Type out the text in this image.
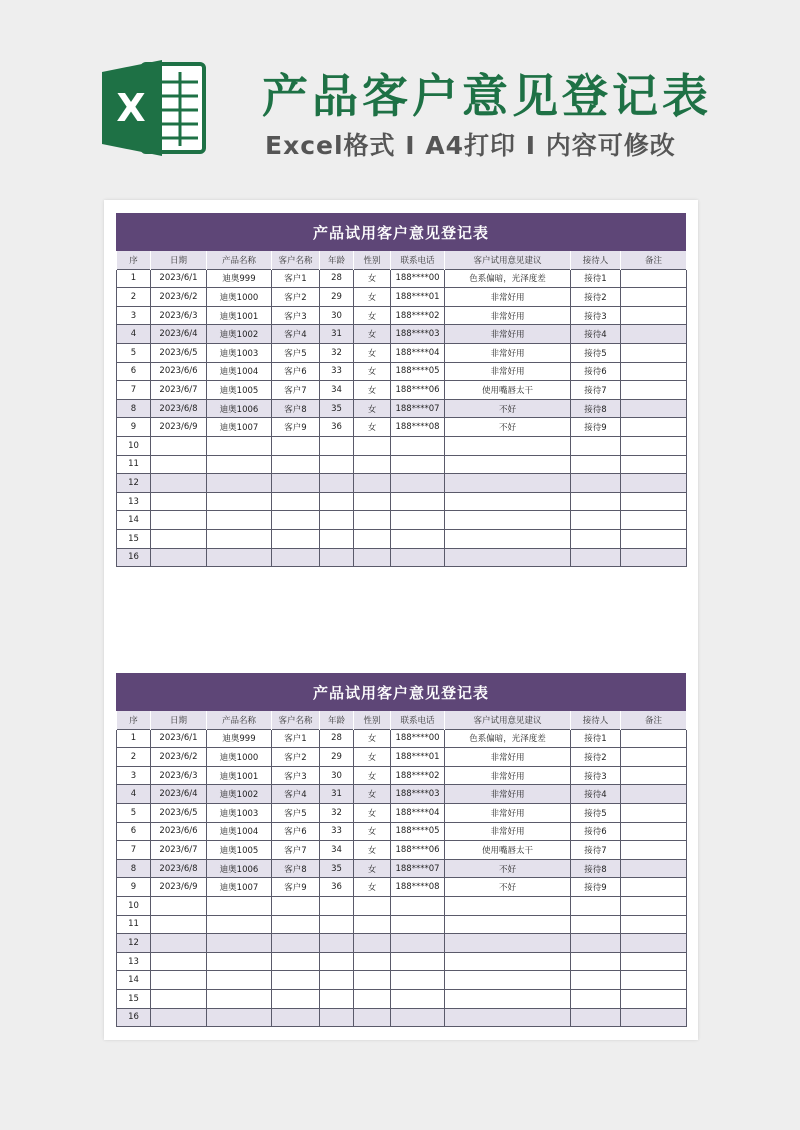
X	产品客户意见登记表
Excel格式 I A4打印 I 内容可修改
产品试用客户意见登记表
序	日期	产品名称	客户名称	年龄	性别	联系电话	客户试用意见建议	接待人	备注
1	2023/6/1	迪奥999	客户1	28	女	188****00	色系偏暗，光泽度差	接待1	
2	2023/6/2	迪奥1000	客户2	29	女	188****01	非常好用	接待2	
3	2023/6/3	迪奥1001	客户3	30	女	188****02	非常好用	接待3	
4	2023/6/4	迪奥1002	客户4	31	女	188****03	非常好用	接待4	
5	2023/6/5	迪奥1003	客户5	32	女	188****04	非常好用	接待5	
6	2023/6/6	迪奥1004	客户6	33	女	188****05	非常好用	接待6	
7	2023/6/7	迪奥1005	客户7	34	女	188****06	使用嘴唇太干	接待7	
8	2023/6/8	迪奥1006	客户8	35	女	188****07	不好	接待8	
9	2023/6/9	迪奥1007	客户9	36	女	188****08	不好	接待9	
10									
11									
12									
13									
14									
15									
16									
产品试用客户意见登记表
序	日期	产品名称	客户名称	年龄	性别	联系电话	客户试用意见建议	接待人	备注
1	2023/6/1	迪奥999	客户1	28	女	188****00	色系偏暗，光泽度差	接待1	
2	2023/6/2	迪奥1000	客户2	29	女	188****01	非常好用	接待2	
3	2023/6/3	迪奥1001	客户3	30	女	188****02	非常好用	接待3	
4	2023/6/4	迪奥1002	客户4	31	女	188****03	非常好用	接待4	
5	2023/6/5	迪奥1003	客户5	32	女	188****04	非常好用	接待5	
6	2023/6/6	迪奥1004	客户6	33	女	188****05	非常好用	接待6	
7	2023/6/7	迪奥1005	客户7	34	女	188****06	使用嘴唇太干	接待7	
8	2023/6/8	迪奥1006	客户8	35	女	188****07	不好	接待8	
9	2023/6/9	迪奥1007	客户9	36	女	188****08	不好	接待9	
10									
11									
12									
13									
14									
15									
16									
